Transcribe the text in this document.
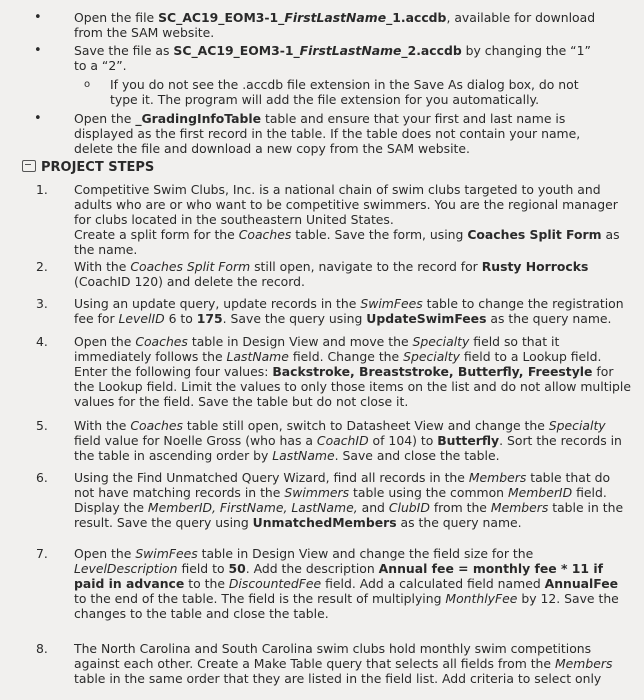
•	Open the file SC_AC19_EOM3-1_FirstLastName_1.accdb, available for download from the SAM website.
•	Save the file as SC_AC19_EOM3-1_FirstLastName_2.accdb by changing the “1” to a “2”.
o If you do not see the .accdb file extension in the Save As dialog box, do not type it. The program will add the file extension for you automatically.
•	Open the _GradingInfoTable table and ensure that your first and last name is displayed as the first record in the table. If the table does not contain your name, delete the file and download a new copy from the SAM website.
PROJECT STEPS
1. Competitive Swim Clubs, Inc. is a national chain of swim clubs targeted to youth and adults who are or who want to be competitive swimmers. You are the regional manager for clubs located in the southeastern United States.
Create a split form for the Coaches table. Save the form, using Coaches Split Form as the name.
2. With the Coaches Split Form still open, navigate to the record for Rusty Horrocks (CoachID 120) and delete the record.
3. Using an update query, update records in the SwimFees table to change the registration fee for LevelID 6 to 175. Save the query using UpdateSwimFees as the query name.
4. Open the Coaches table in Design View and move the Specialty field so that it immediately follows the LastName field. Change the Specialty field to a Lookup field. Enter the following four values: Backstroke, Breaststroke, Butterfly, Freestyle for the Lookup field. Limit the values to only those items on the list and do not allow multiple values for the field. Save the table but do not close it.
5. With the Coaches table still open, switch to Datasheet View and change the Specialty field value for Noelle Gross (who has a CoachID of 104) to Butterfly. Sort the records in the table in ascending order by LastName. Save and close the table.
6. Using the Find Unmatched Query Wizard, find all records in the Members table that do not have matching records in the Swimmers table using the common MemberID field. Display the MemberID, FirstName, LastName, and ClubID from the Members table in the result. Save the query using UnmatchedMembers as the query name.
7. Open the SwimFees table in Design View and change the field size for the LevelDescription field to 50. Add the description Annual fee = monthly fee * 11 if paid in advance to the DiscountedFee field. Add a calculated field named AnnualFee to the end of the table. The field is the result of multiplying MonthlyFee by 12. Save the changes to the table and close the table.
8. The North Carolina and South Carolina swim clubs hold monthly swim competitions against each other. Create a Make Table query that selects all fields from the Members table in the same order that they are listed in the field list. Add criteria to select only
